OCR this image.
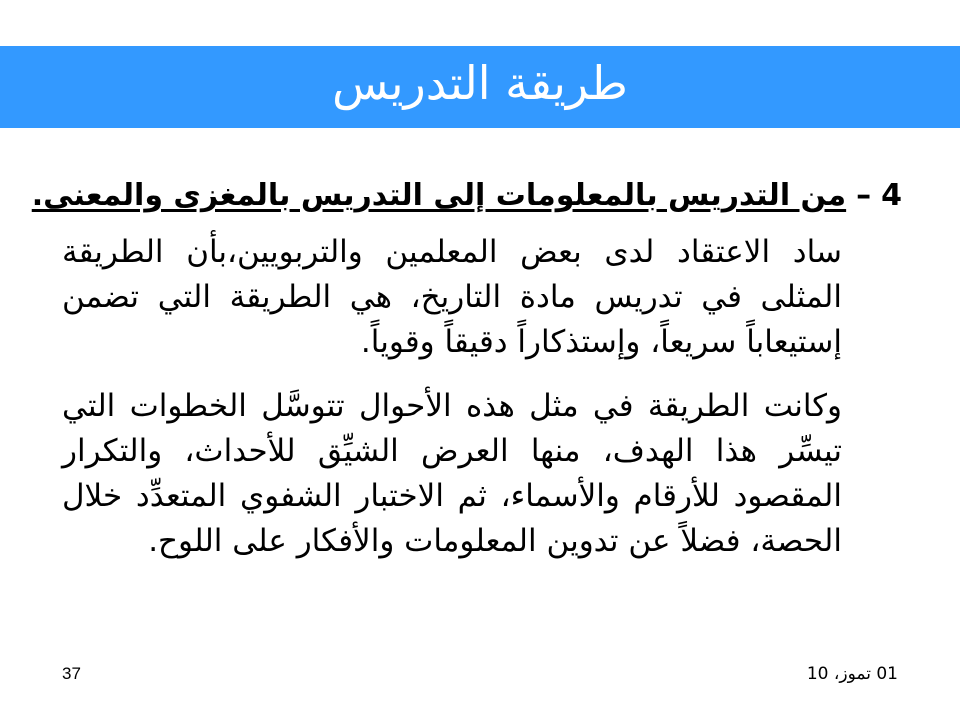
طريقة التدريس
4–من التدريس بالمعلومات إلى التدريس بالمغزى والمعنى.
ساد الاعتقاد لدى بعض المعلمين والتربويين،بأن الطريقة المثلى في تدريس مادة التاريخ، هي الطريقة التي تضمن إستيعاباً سريعاً، وإستذكاراً دقيقاً وقوياً.
وكانت الطريقة في مثل هذه الأحوال تتوسَّل الخطوات التي تيسِّر هذا الهدف، منها العرض الشيِّق للأحداث، والتكرار المقصود للأرقام والأسماء، ثم الاختبار الشفوي المتعدِّد خلال الحصة، فضلاً عن تدوين المعلومات والأفكار على اللوح.
01 تموز، 10
37
